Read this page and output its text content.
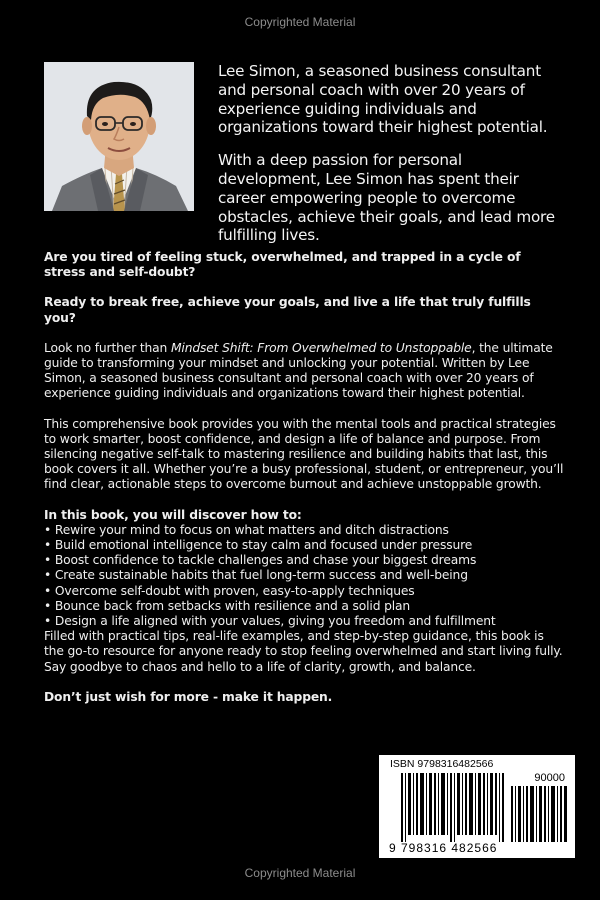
Copyrighted Material

Lee Simon, a seasoned business consultant and personal coach with over 20 years of experience guiding individuals and organizations toward their highest potential.

With a deep passion for personal development, Lee Simon has spent their career empowering people to overcome obstacles, achieve their goals, and lead more fulfilling lives.

Are you tired of feeling stuck, overwhelmed, and trapped in a cycle of stress and self-doubt?

Ready to break free, achieve your goals, and live a life that truly fulfills you?

Look no further than Mindset Shift: From Overwhelmed to Unstoppable, the ultimate guide to transforming your mindset and unlocking your potential. Written by Lee Simon, a seasoned business consultant and personal coach with over 20 years of experience guiding individuals and organizations toward their highest potential.

This comprehensive book provides you with the mental tools and practical strategies to work smarter, boost confidence, and design a life of balance and purpose. From silencing negative self-talk to mastering resilience and building habits that last, this book covers it all. Whether you’re a busy professional, student, or entrepreneur, you’ll find clear, actionable steps to overcome burnout and achieve unstoppable growth.

In this book, you will discover how to:

• Rewire your mind to focus on what matters and ditch distractions
• Build emotional intelligence to stay calm and focused under pressure
• Boost confidence to tackle challenges and chase your biggest dreams
• Create sustainable habits that fuel long-term success and well-being
• Overcome self-doubt with proven, easy-to-apply techniques
• Bounce back from setbacks with resilience and a solid plan
• Design a life aligned with your values, giving you freedom and fulfillment

Filled with practical tips, real-life examples, and step-by-step guidance, this book is the go-to resource for anyone ready to stop feeling overwhelmed and start living fully. Say goodbye to chaos and hello to a life of clarity, growth, and balance.

Don’t just wish for more - make it happen.

ISBN 9798316482566
90000
9 798316 482566
Copyrighted Material
